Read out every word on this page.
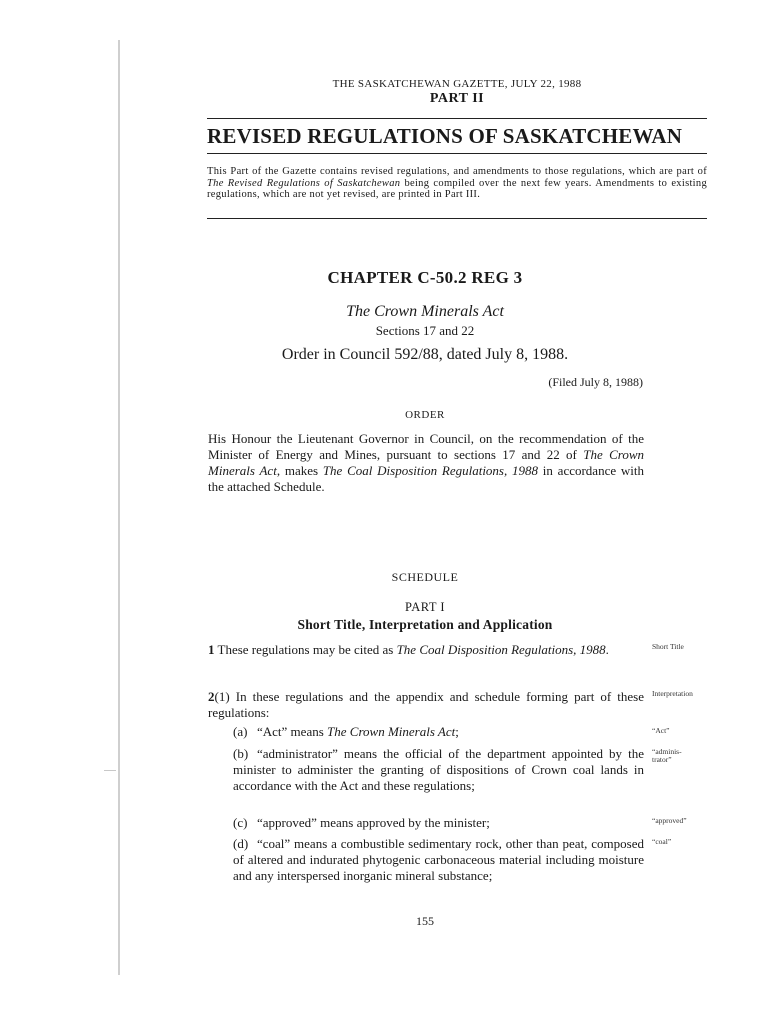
THE SASKATCHEWAN GAZETTE, JULY 22, 1988
PART II
REVISED REGULATIONS OF SASKATCHEWAN
This Part of the Gazette contains revised regulations, and amendments to those regulations, which are part of The Revised Regulations of Saskatchewan being compiled over the next few years. Amendments to existing regulations, which are not yet revised, are printed in Part III.
CHAPTER C-50.2 REG 3
The Crown Minerals Act
Sections 17 and 22
Order in Council 592/88, dated July 8, 1988.
(Filed July 8, 1988)
ORDER
His Honour the Lieutenant Governor in Council, on the recommendation of the Minister of Energy and Mines, pursuant to sections 17 and 22 of The Crown Minerals Act, makes The Coal Disposition Regulations, 1988 in accordance with the attached Schedule.
SCHEDULE
PART I
Short Title, Interpretation and Application
1 These regulations may be cited as The Coal Disposition Regulations, 1988.	Short Title
2(1) In these regulations and the appendix and schedule forming part of these regulations:
Interpretation
(a) “Act” means The Crown Minerals Act;	“Act”
(b) “administrator” means the official of the department appointed by the minister to administer the granting of dispositions of Crown coal lands in accordance with the Act and these regulations;
“adminis-trator”
(c) “approved” means approved by the minister;	“approved”
(d) “coal” means a combustible sedimentary rock, other than peat, composed of altered and indurated phytogenic carbonaceous material including moisture and any interspersed inorganic mineral substance;
“coal”
155
